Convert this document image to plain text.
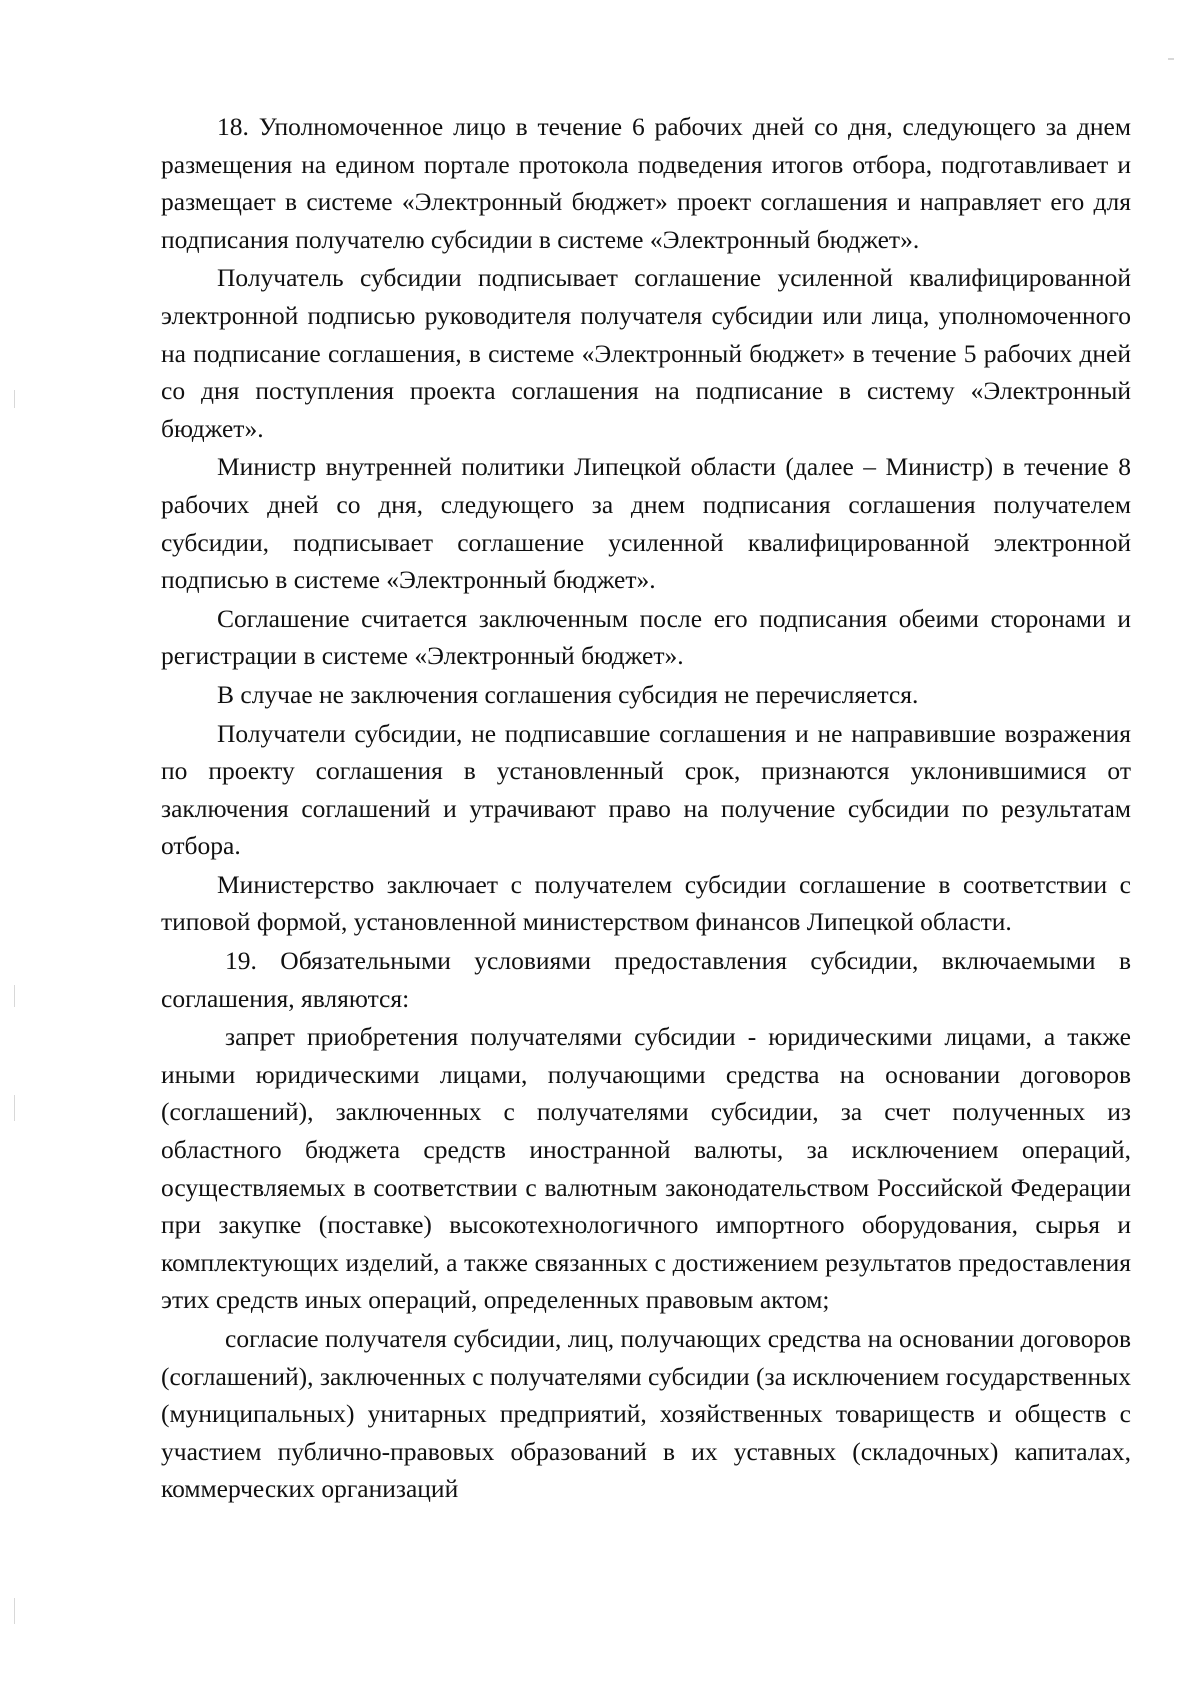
18. Уполномоченное лицо в течение 6 рабочих дней со дня, следующего за днем размещения на едином портале протокола подведения итогов отбора, подготавливает и размещает в системе «Электронный бюджет» проект соглашения и направляет его для подписания получателю субсидии в системе «Электронный бюджет».

Получатель субсидии подписывает соглашение усиленной квалифицированной электронной подписью руководителя получателя субсидии или лица, уполномоченного на подписание соглашения, в системе «Электронный бюджет» в течение 5 рабочих дней со дня поступления проекта соглашения на подписание в систему «Электронный бюджет».

Министр внутренней политики Липецкой области (далее – Министр) в течение 8 рабочих дней со дня, следующего за днем подписания соглашения получателем субсидии, подписывает соглашение усиленной квалифицированной электронной подписью в системе «Электронный бюджет».

Соглашение считается заключенным после его подписания обеими сторонами и регистрации в системе «Электронный бюджет».

В случае не заключения соглашения субсидия не перечисляется.

Получатели субсидии, не подписавшие соглашения и не направившие возражения по проекту соглашения в установленный срок, признаются уклонившимися от заключения соглашений и утрачивают право на получение субсидии по результатам отбора.

Министерство заключает с получателем субсидии соглашение в соответствии с типовой формой, установленной министерством финансов Липецкой области.

19. Обязательными условиями предоставления субсидии, включаемыми в соглашения, являются:

запрет приобретения получателями субсидии - юридическими лицами, а также иными юридическими лицами, получающими средства на основании договоров (соглашений), заключенных с получателями субсидии, за счет полученных из областного бюджета средств иностранной валюты, за исключением операций, осуществляемых в соответствии с валютным законодательством Российской Федерации при закупке (поставке) высокотехнологичного импортного оборудования, сырья и комплектующих изделий, а также связанных с достижением результатов предоставления этих средств иных операций, определенных правовым актом;

согласие получателя субсидии, лиц, получающих средства на основании договоров (соглашений), заключенных с получателями субсидии (за исключением государственных (муниципальных) унитарных предприятий, хозяйственных товариществ и обществ с участием публично-правовых образований в их уставных (складочных) капиталах, коммерческих организаций
